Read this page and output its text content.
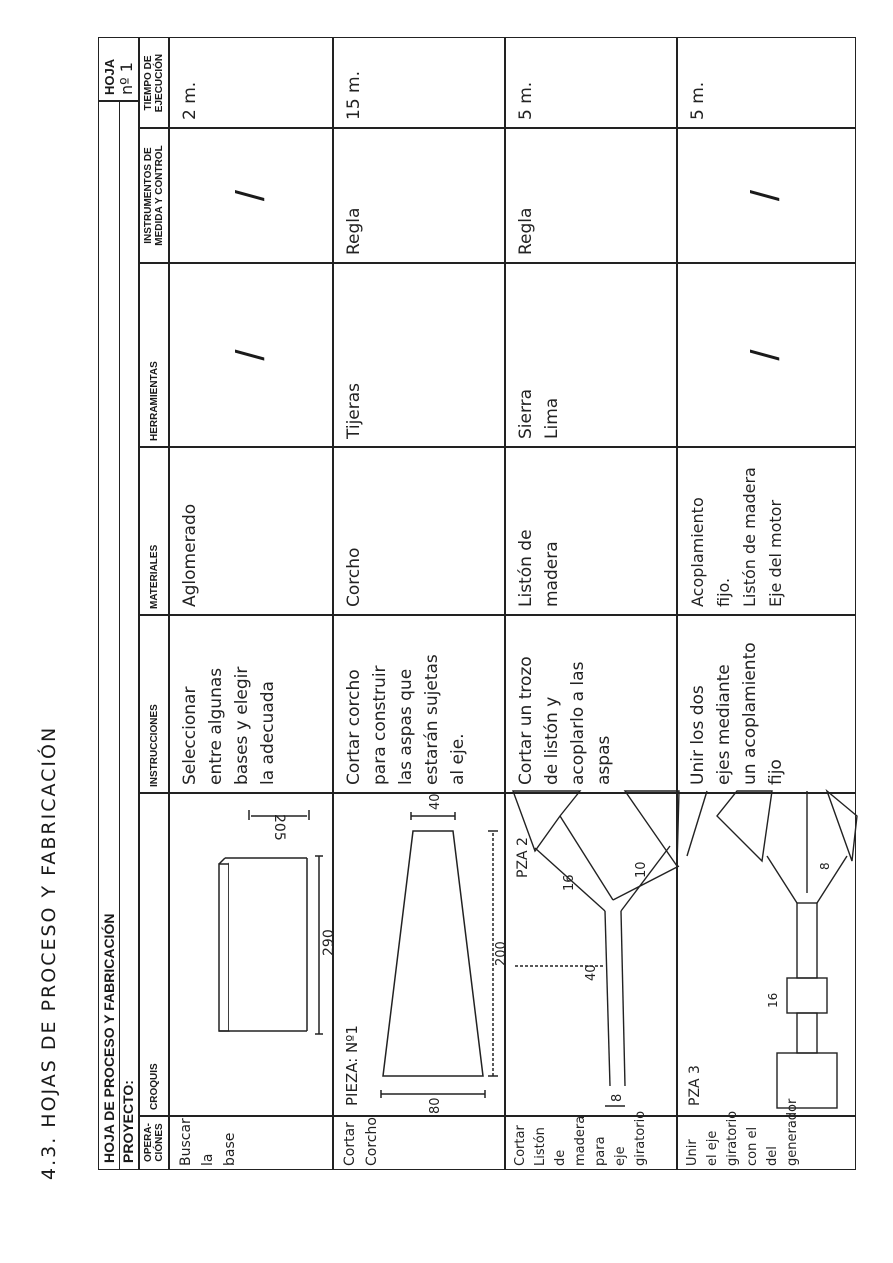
4.3. HOJAS DE PROCESO Y FABRICACIÓN	HOJA DE PROCESO Y FABRICACIÓN PROYECTO:
HOJA nº 1
OPERA-
CIÓNES
CROQUIS
INSTRUCCIONES
MATERIALES
HERRAMIENTAS
INSTRUMENTOS DE
MEDIDA Y CONTROL
TIEMPO DE
EJECUCIÓN
Buscar
la
base
290
205
Seleccionar
entre algunas
bases y elegir
la adecuada
Aglomerado
/
/
2 m.
Cortar
Corcho
PIEZA: Nº1
200
40
80
Cortar corcho
para construir
las aspas que
estarán sujetas
al eje.
Corcho
Tijeras
Regla
15 m.
Cortar
Listón de
madera
para
eje
giratorio
PZA 2
16
10
40
8
Cortar un trozo
de listón y
acoplarlo a las
aspas
Listón de
madera
Sierra
Lima
Regla
5 m.
Unir
el eje
giratorio
con el
del
generador
PZA 3
16
8
Unir los dos
ejes mediante
un acoplamiento
fijo
Acoplamiento
fijo.
Listón de madera
Eje del motor
/
/
5 m.
